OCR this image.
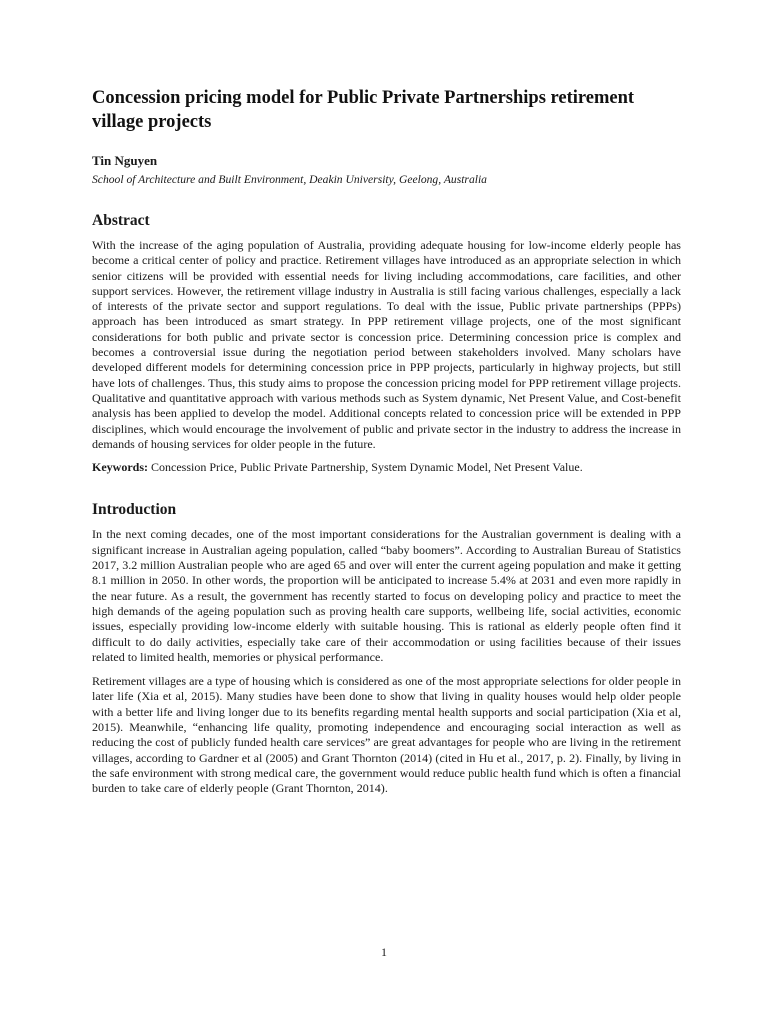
Concession pricing model for Public Private Partnerships retirement village projects
Tin Nguyen
School of Architecture and Built Environment, Deakin University, Geelong, Australia
Abstract

With the increase of the aging population of Australia, providing adequate housing for low-income elderly people has become a critical center of policy and practice. Retirement villages have introduced as an appropriate selection in which senior citizens will be provided with essential needs for living including accommodations, care facilities, and other support services. However, the retirement village industry in Australia is still facing various challenges, especially a lack of interests of the private sector and support regulations. To deal with the issue, Public private partnerships (PPPs) approach has been introduced as smart strategy. In PPP retirement village projects, one of the most significant considerations for both public and private sector is concession price. Determining concession price is complex and becomes a controversial issue during the negotiation period between stakeholders involved. Many scholars have developed different models for determining concession price in PPP projects, particularly in highway projects, but still have lots of challenges. Thus, this study aims to propose the concession pricing model for PPP retirement village projects. Qualitative and quantitative approach with various methods such as System dynamic, Net Present Value, and Cost-benefit analysis has been applied to develop the model. Additional concepts related to concession price will be extended in PPP disciplines, which would encourage the involvement of public and private sector in the industry to address the increase in demands of housing services for older people in the future.

Keywords: Concession Price, Public Private Partnership, System Dynamic Model, Net Present Value.

Introduction

In the next coming decades, one of the most important considerations for the Australian government is dealing with a significant increase in Australian ageing population, called “baby boomers”. According to Australian Bureau of Statistics 2017, 3.2 million Australian people who are aged 65 and over will enter the current ageing population and make it getting 8.1 million in 2050. In other words, the proportion will be anticipated to increase 5.4% at 2031 and even more rapidly in the near future. As a result, the government has recently started to focus on developing policy and practice to meet the high demands of the ageing population such as proving health care supports, wellbeing life, social activities, economic issues, especially providing low-income elderly with suitable housing. This is rational as elderly people often find it difficult to do daily activities, especially take care of their accommodation or using facilities because of their issues related to limited health, memories or physical performance.

Retirement villages are a type of housing which is considered as one of the most appropriate selections for older people in later life (Xia et al, 2015). Many studies have been done to show that living in quality houses would help older people with a better life and living longer due to its benefits regarding mental health supports and social participation (Xia et al, 2015). Meanwhile, “enhancing life quality, promoting independence and encouraging social interaction as well as reducing the cost of publicly funded health care services” are great advantages for people who are living in the retirement villages, according to Gardner et al (2005) and Grant Thornton (2014) (cited in Hu et al., 2017, p. 2). Finally, by living in the safe environment with strong medical care, the government would reduce public health fund which is often a financial burden to take care of elderly people (Grant Thornton, 2014).

1
